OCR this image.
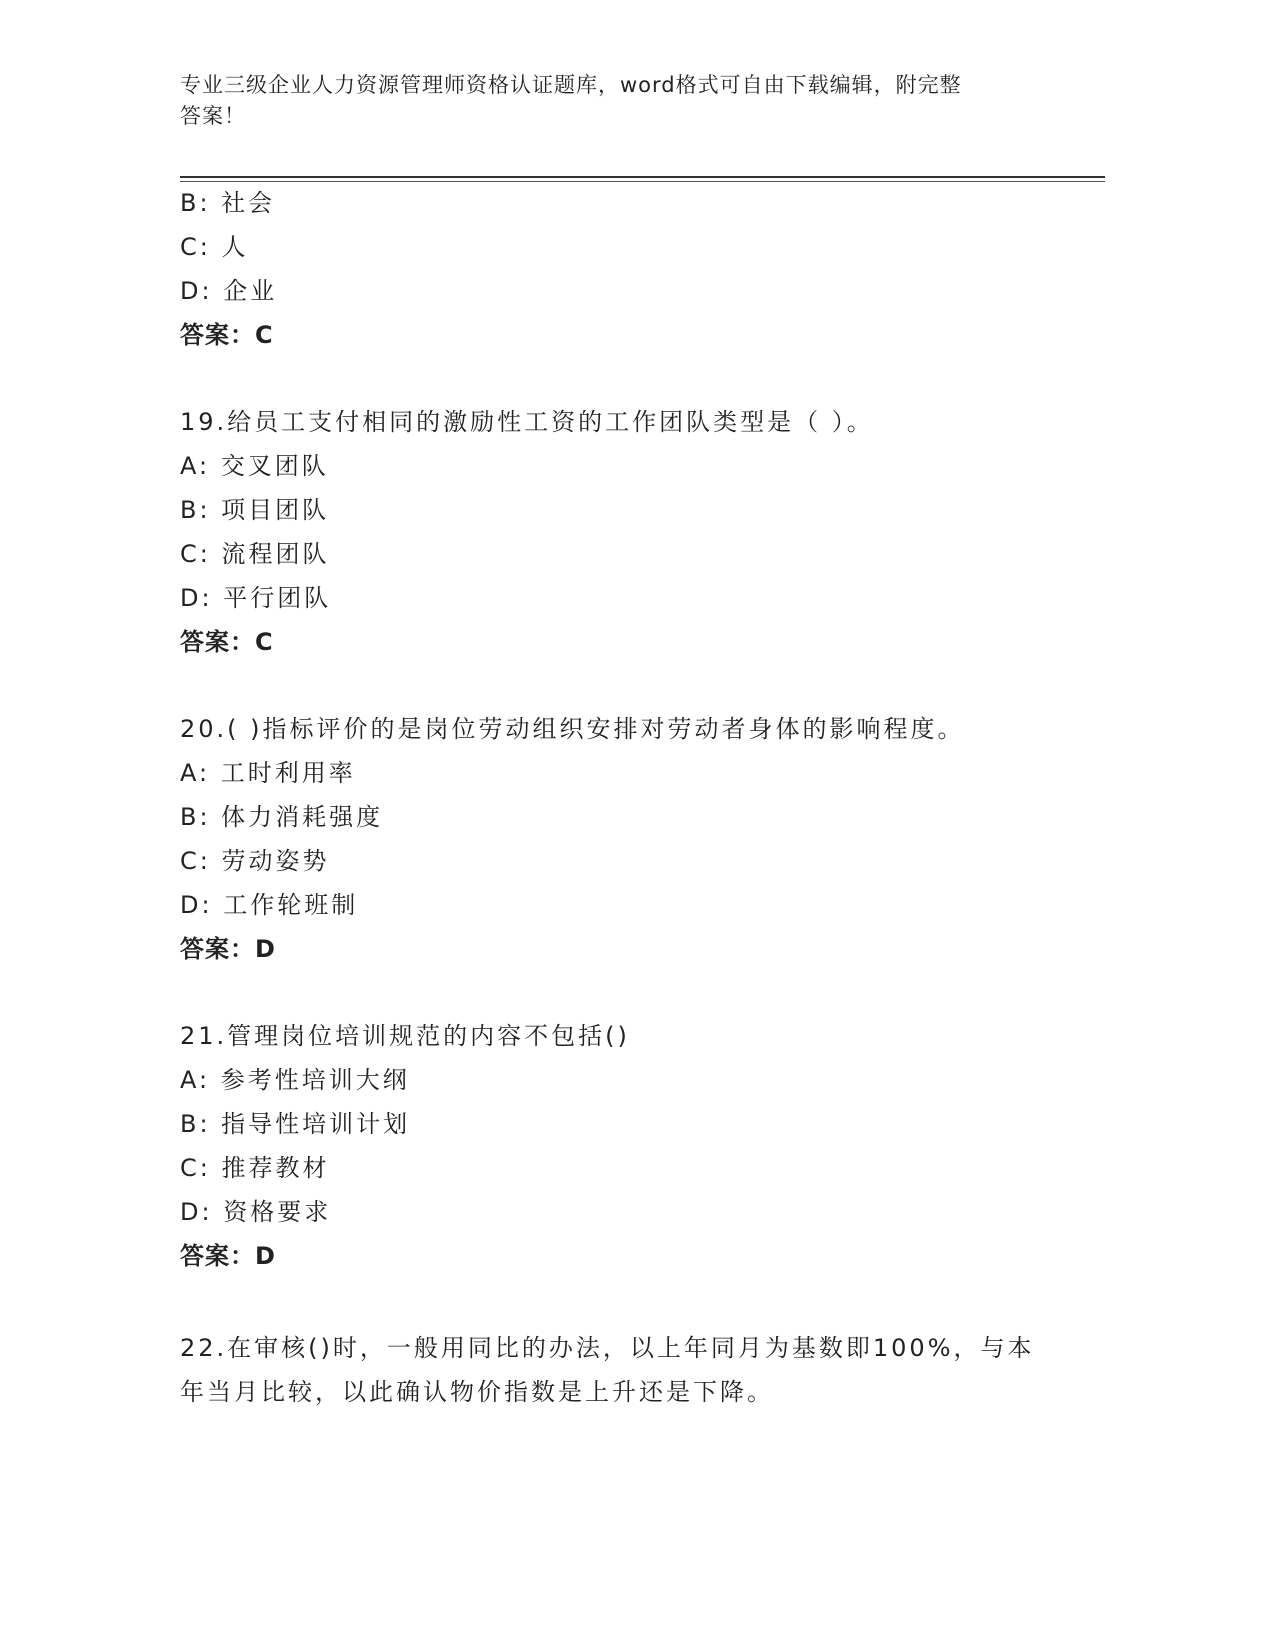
专业三级企业人力资源管理师资格认证题库，word格式可自由下载编辑，附完整
答案！
B: 社会
C: 人
D: 企业
答案：C
19.给员工支付相同的激励性工资的工作团队类型是（ ）。
A: 交叉团队
B: 项目团队
C: 流程团队
D: 平行团队
答案：C
20.( )指标评价的是岗位劳动组织安排对劳动者身体的影响程度。
A: 工时利用率
B: 体力消耗强度
C: 劳动姿势
D: 工作轮班制
答案：D
21.管理岗位培训规范的内容不包括()
A: 参考性培训大纲
B: 指导性培训计划
C: 推荐教材
D: 资格要求
答案：D
22.在审核()时，一般用同比的办法，以上年同月为基数即100%，与本
年当月比较，以此确认物价指数是上升还是下降。
